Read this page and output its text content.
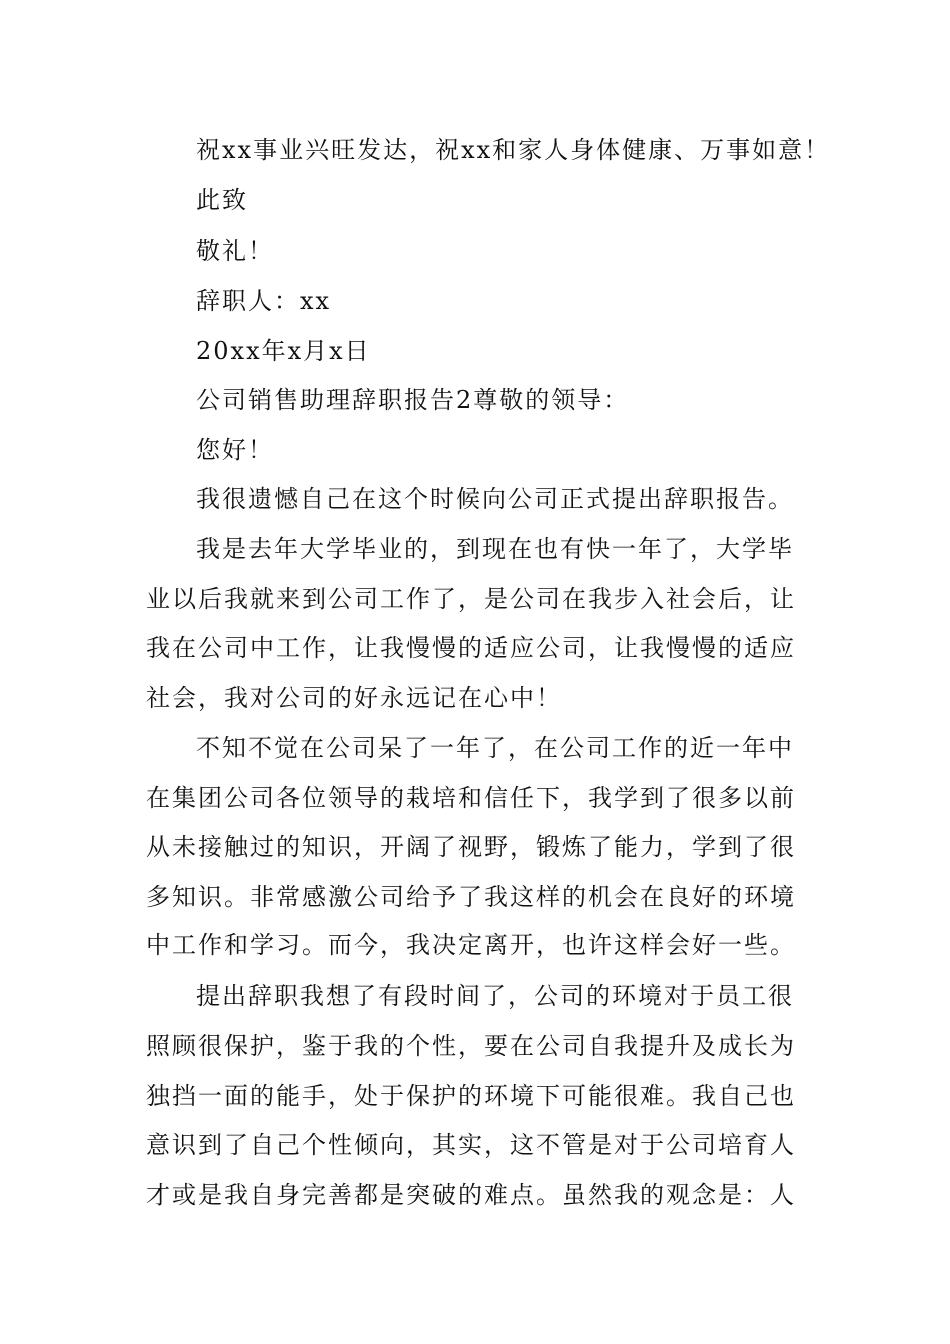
祝xx事业兴旺发达，祝xx和家人身体健康、万事如意！
此致
敬礼！
辞职人：xx
20xx年x月x日
公司销售助理辞职报告2尊敬的领导：
您好！
我很遗憾自己在这个时候向公司正式提出辞职报告。
我是去年大学毕业的，到现在也有快一年了，大学毕
业以后我就来到公司工作了，是公司在我步入社会后，让
我在公司中工作，让我慢慢的适应公司，让我慢慢的适应
社会，我对公司的好永远记在心中！
不知不觉在公司呆了一年了，在公司工作的近一年中
在集团公司各位领导的栽培和信任下，我学到了很多以前
从未接触过的知识，开阔了视野，锻炼了能力，学到了很
多知识。非常感激公司给予了我这样的机会在良好的环境
中工作和学习。而今，我决定离开，也许这样会好一些。
提出辞职我想了有段时间了，公司的环境对于员工很
照顾很保护，鉴于我的个性，要在公司自我提升及成长为
独挡一面的能手，处于保护的环境下可能很难。我自己也
意识到了自己个性倾向，其实，这不管是对于公司培育人
才或是我自身完善都是突破的难点。虽然我的观念是：人
